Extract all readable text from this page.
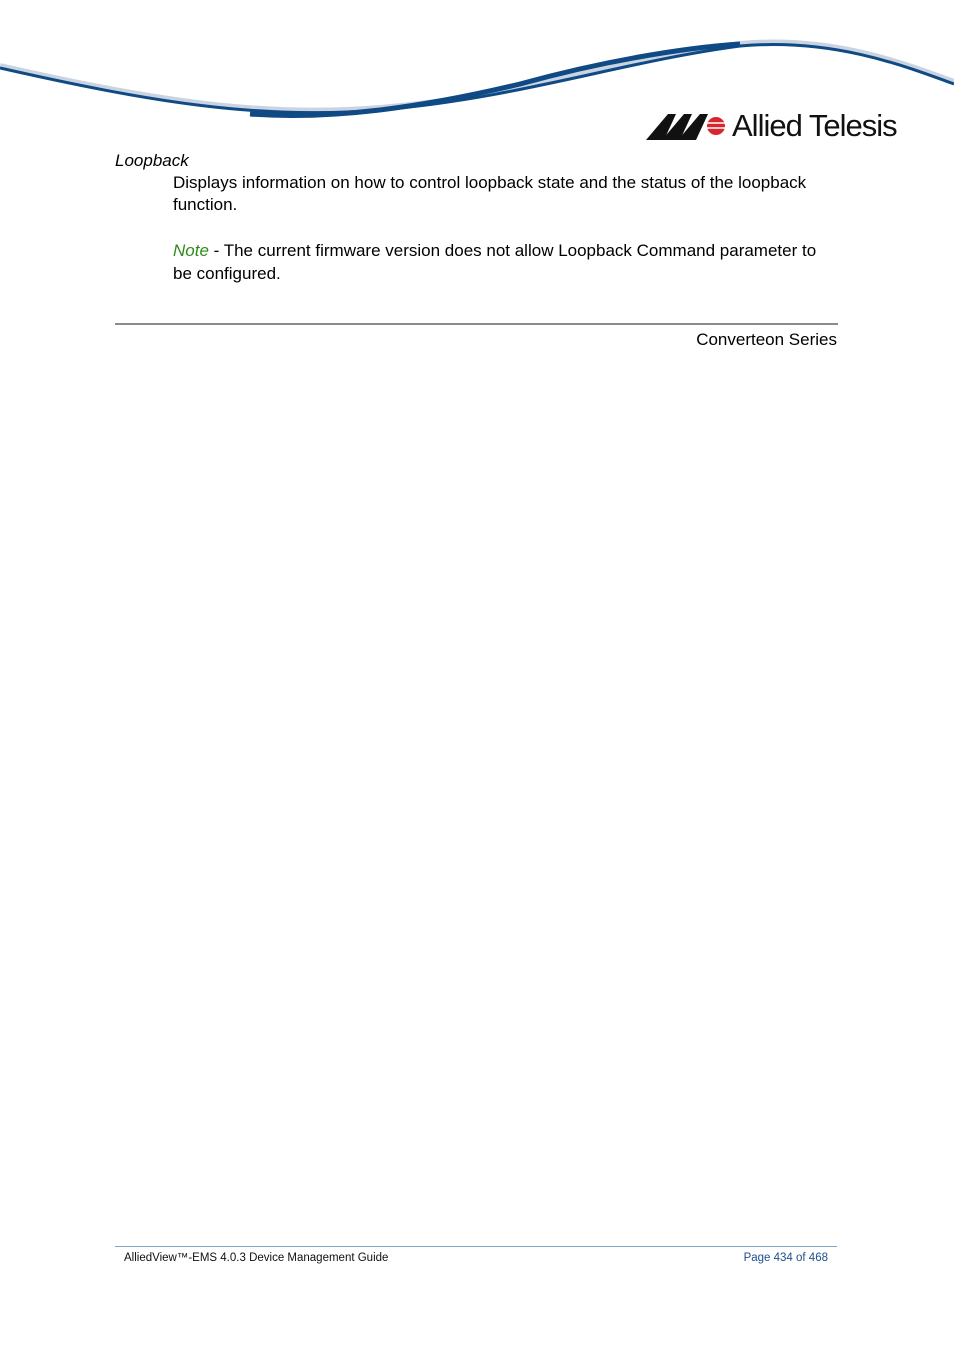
Allied Telesis
Loopback
Displays information on how to control loopback state and the status of the loopback function.
Note - The current firmware version does not allow Loopback Command parameter to be configured.
Converteon Series
AlliedView™-EMS 4.0.3 Device Management Guide	Page 434 of 468
